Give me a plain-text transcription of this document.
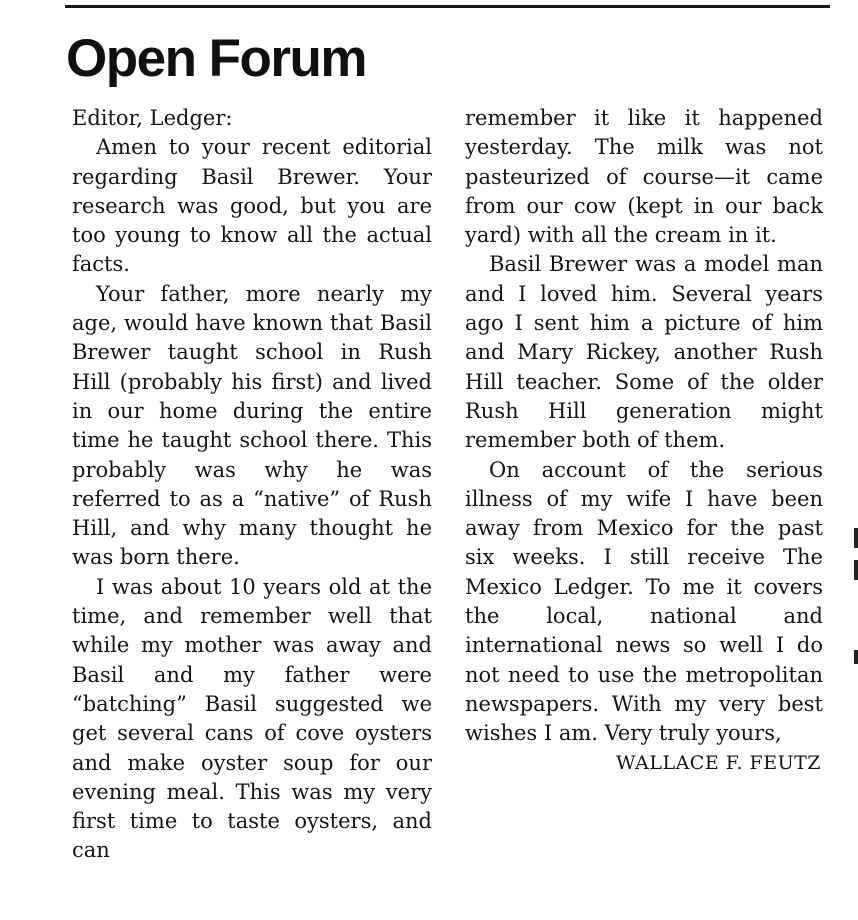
Open Forum

Editor, Ledger:

Amen to your recent editorial regarding Basil Brewer. Your research was good, but you are too young to know all the actual facts.

Your father, more nearly my age, would have known that Basil Brewer taught school in Rush Hill (probably his first) and lived in our home during the entire time he taught school there. This probably was why he was referred to as a “native” of Rush Hill, and why many thought he was born there.

I was about 10 years old at the time, and remember well that while my mother was away and Basil and my father were “batching” Basil suggested we get several cans of cove oysters and make oyster soup for our evening meal. This was my very first time to taste oysters, and can

remember it like it happened yesterday. The milk was not pasteurized of course—it came from our cow (kept in our back yard) with all the cream in it.

Basil Brewer was a model man and I loved him. Several years ago I sent him a picture of him and Mary Rickey, another Rush Hill teacher. Some of the older Rush Hill generation might remember both of them.

On account of the serious illness of my wife I have been away from Mexico for the past six weeks. I still receive The Mexico Ledger. To me it covers the local, national and international news so well I do not need to use the metropolitan newspapers. With my very best wishes I am. Very truly yours,

WALLACE F. FEUTZ
